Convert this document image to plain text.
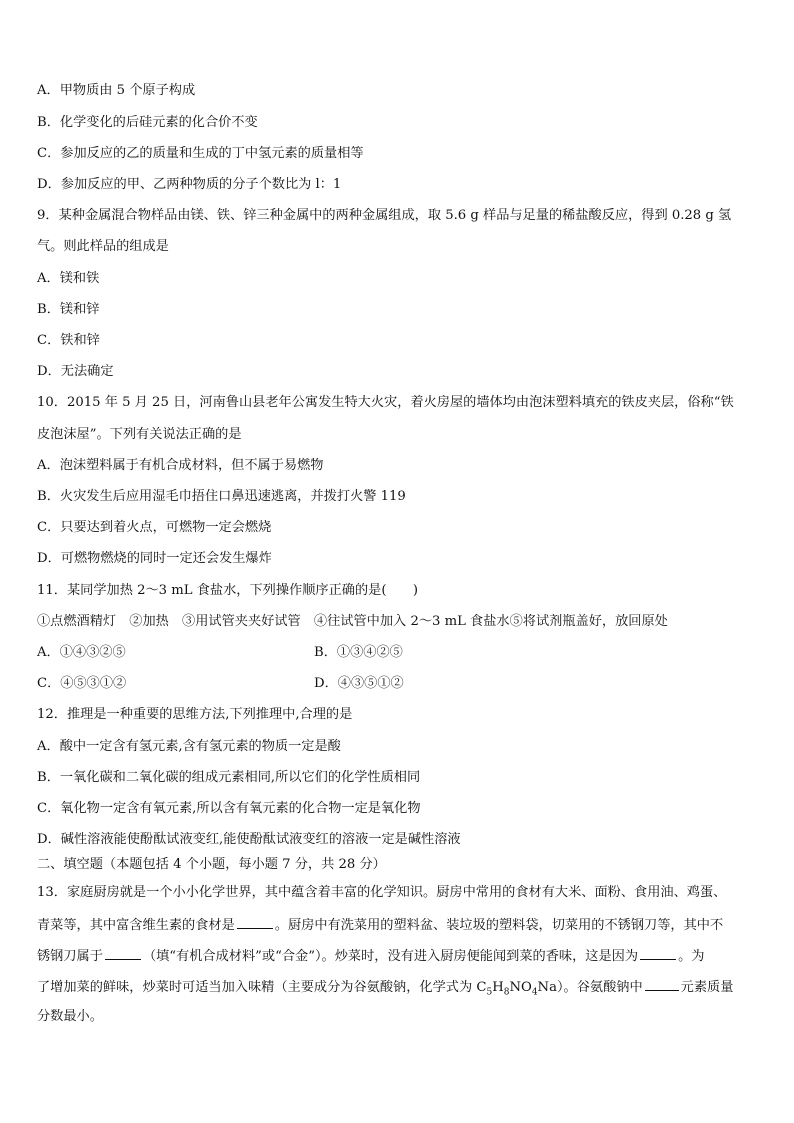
A．甲物质由 5 个原子构成
B．化学变化的后硅元素的化合价不变
C．参加反应的乙的质量和生成的丁中氢元素的质量相等
D．参加反应的甲、乙两种物质的分子个数比为 l：1
9．某种金属混合物样品由镁、铁、锌三种金属中的两种金属组成，取 5.6 g 样品与足量的稀盐酸反应，得到 0.28 g 氢
气。则此样品的组成是
A．镁和铁
B．镁和锌
C．铁和锌
D．无法确定
10．2015 年 5 月 25 日，河南鲁山县老年公寓发生特大火灾，着火房屋的墙体均由泡沫塑料填充的铁皮夹层，俗称“铁
皮泡沫屋”。下列有关说法正确的是
A．泡沫塑料属于有机合成材料，但不属于易燃物
B．火灾发生后应用湿毛巾捂住口鼻迅速逃离，并拨打火警 119
C．只要达到着火点，可燃物一定会燃烧
D．可燃物燃烧的同时一定还会发生爆炸
11．某同学加热 2～3 mL 食盐水，下列操作顺序正确的是(　　)
①点燃酒精灯　②加热　③用试管夹夹好试管　④往试管中加入 2～3 mL 食盐水⑤将试剂瓶盖好，放回原处
A．①④③②⑤	B．①③④②⑤
C．④⑤③①②	D．④③⑤①②
12．推理是一种重要的思维方法,下列推理中,合理的是
A．酸中一定含有氢元素,含有氢元素的物质一定是酸
B．一氧化碳和二氧化碳的组成元素相同,所以它们的化学性质相同
C．氧化物一定含有氧元素,所以含有氧元素的化合物一定是氧化物
D．碱性溶液能使酚酞试液变红,能使酚酞试液变红的溶液一定是碱性溶液
二、填空题（本题包括 4 个小题，每小题 7 分，共 28 分）
13．家庭厨房就是一个小小化学世界，其中蕴含着丰富的化学知识。厨房中常用的食材有大米、面粉、食用油、鸡蛋、
青菜等，其中富含维生素的食材是	。厨房中有洗菜用的塑料盆、装垃圾的塑料袋，切菜用的不锈钢刀等，其中不
锈钢刀属于	（填“有机合成材料”或“合金”）。炒菜时，没有进入厨房便能闻到菜的香味，这是因为	。为
了增加菜的鲜味，炒菜时可适当加入味精（主要成分为谷氨酸钠，化学式为 $C_5H_8NO_4Na$）。谷氨酸钠中	元素质量
分数最小。
